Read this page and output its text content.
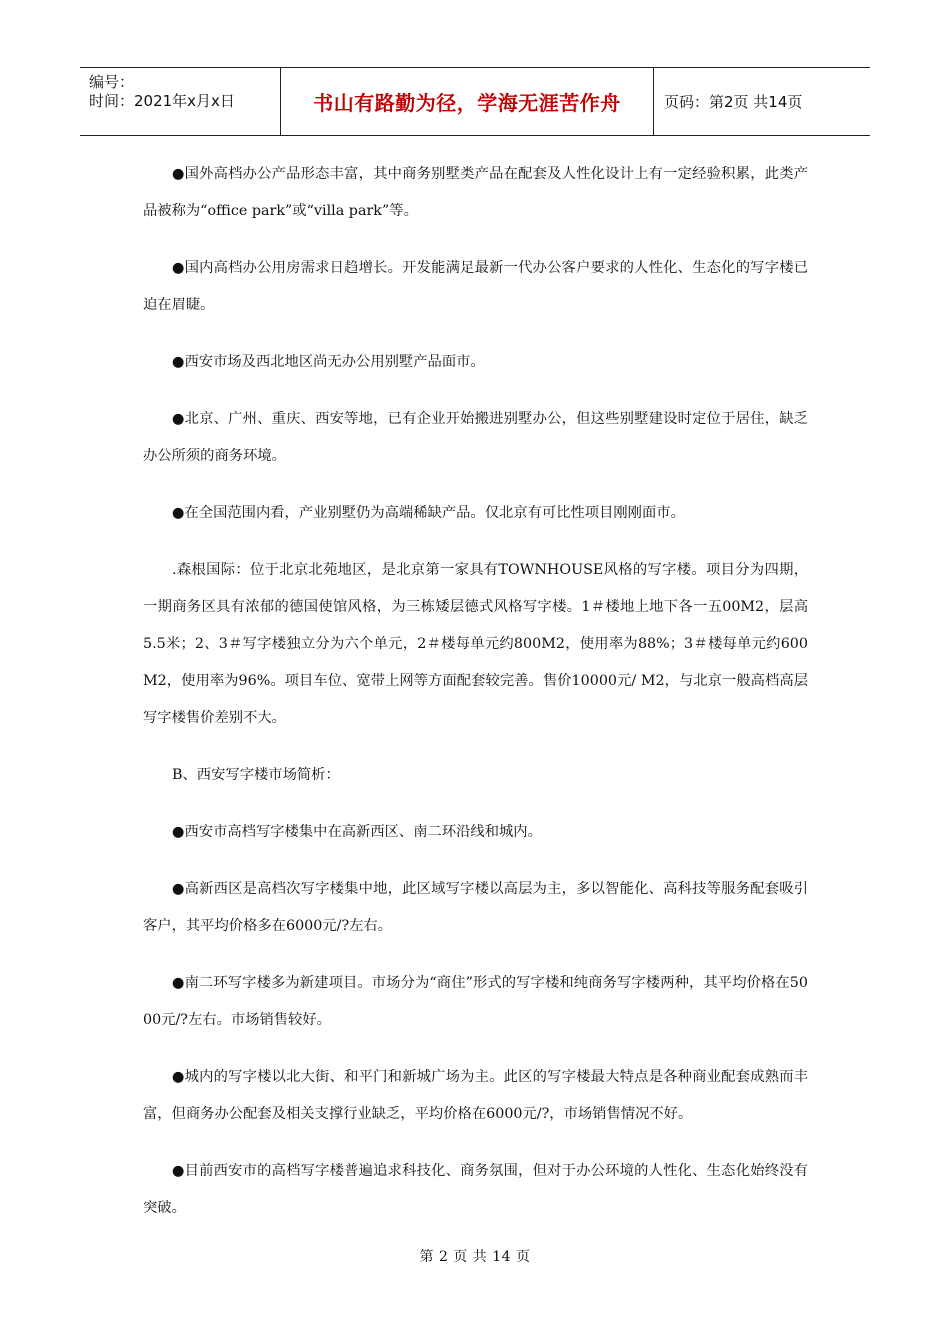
编号：
时间：2021年x月x日	书山有路勤为径，学海无涯苦作舟	页码：第2页 共14页

●国外高档办公产品形态丰富，其中商务别墅类产品在配套及人性化设计上有一定经验积累，此类产品被称为“office park”或“villa park”等。

●国内高档办公用房需求日趋增长。开发能满足最新一代办公客户要求的人性化、生态化的写字楼已迫在眉睫。

●西安市场及西北地区尚无办公用别墅产品面市。

●北京、广州、重庆、西安等地，已有企业开始搬进别墅办公，但这些别墅建设时定位于居住，缺乏办公所须的商务环境。

●在全国范围内看，产业别墅仍为高端稀缺产品。仅北京有可比性项目刚刚面市。

.森根国际：位于北京北苑地区，是北京第一家具有TOWNHOUSE风格的写字楼。项目分为四期，一期商务区具有浓郁的德国使馆风格，为三栋矮层德式风格写字楼。1＃楼地上地下各一五00M2，层高5.5米；2、3＃写字楼独立分为六个单元，2＃楼每单元约800M2，使用率为88%；3＃楼每单元约600M2，使用率为96%。项目车位、宽带上网等方面配套较完善。售价10000元/ M2，与北京一般高档高层写字楼售价差别不大。

B、西安写字楼市场简析：

●西安市高档写字楼集中在高新西区、南二环沿线和城内。

●高新西区是高档次写字楼集中地，此区域写字楼以高层为主，多以智能化、高科技等服务配套吸引客户，其平均价格多在6000元/?左右。

●南二环写字楼多为新建项目。市场分为“商住”形式的写字楼和纯商务写字楼两种，其平均价格在5000元/?左右。市场销售较好。

●城内的写字楼以北大街、和平门和新城广场为主。此区的写字楼最大特点是各种商业配套成熟而丰富，但商务办公配套及相关支撑行业缺乏，平均价格在6000元/?，市场销售情况不好。

●目前西安市的高档写字楼普遍追求科技化、商务氛围，但对于办公环境的人性化、生态化始终没有突破。

第 2 页 共 14 页
